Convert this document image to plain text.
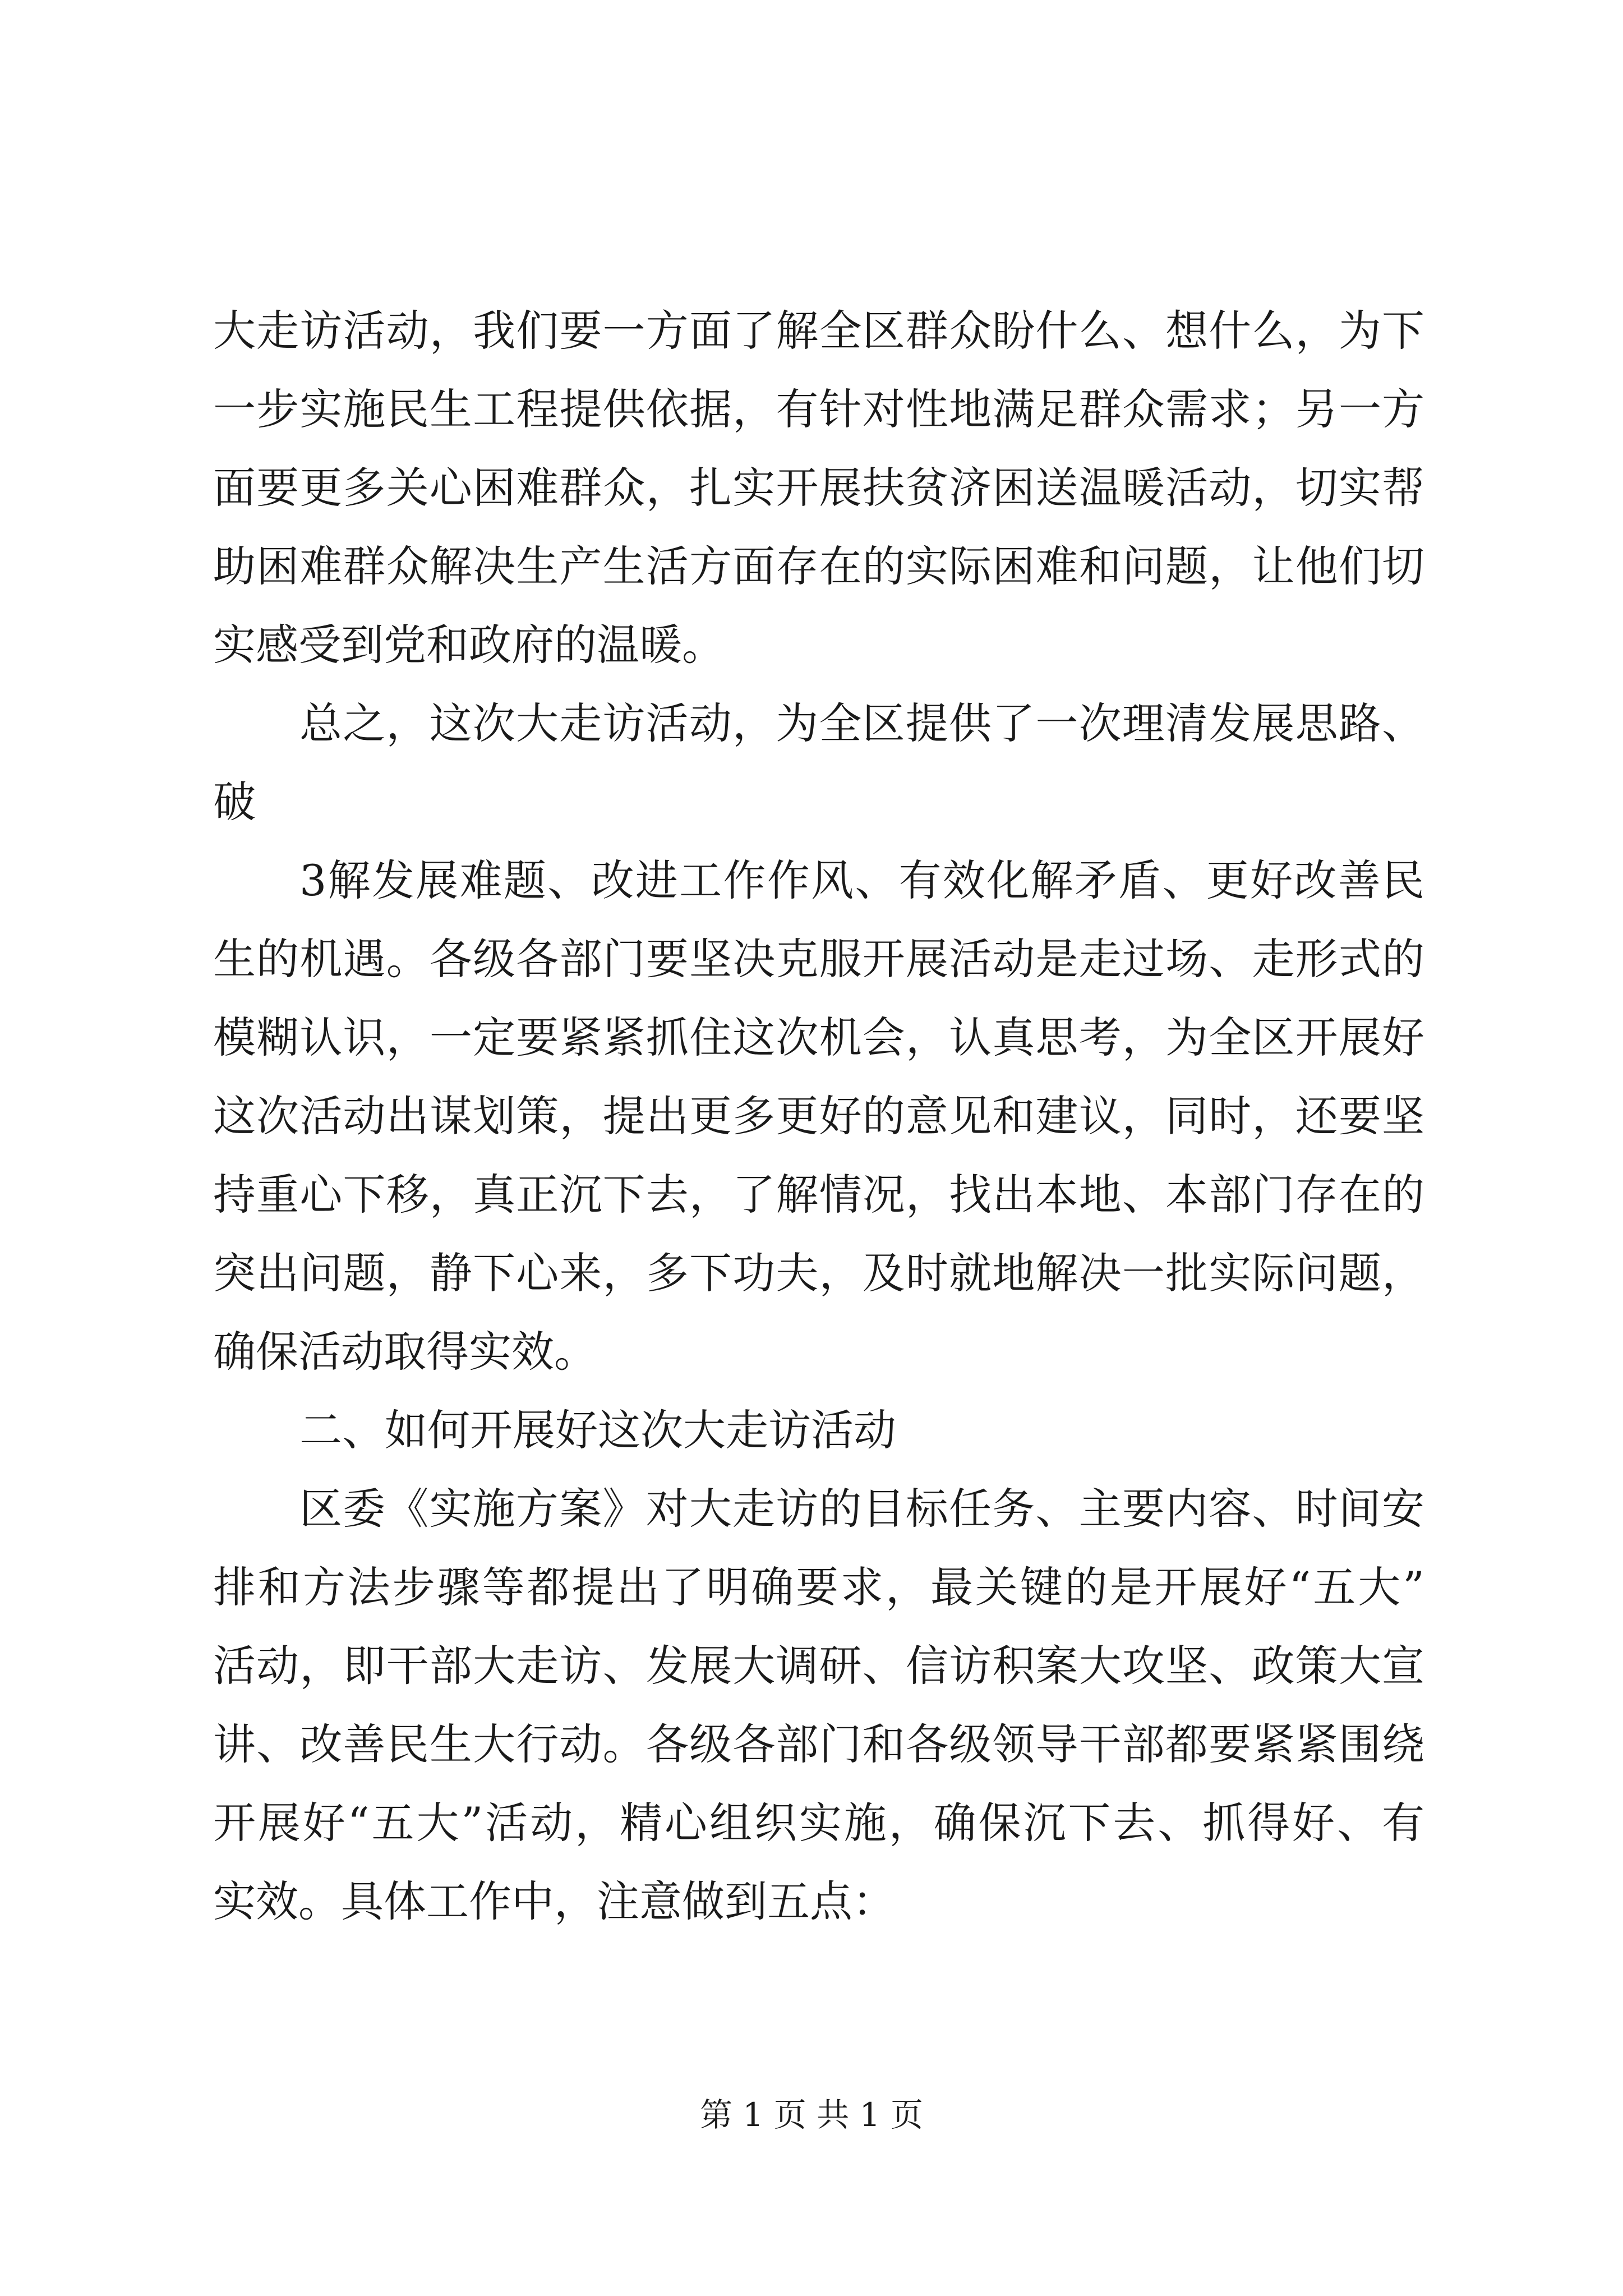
大走访活动，我们要一方面了解全区群众盼什么、想什么，为下
一步实施民生工程提供依据，有针对性地满足群众需求；另一方
面要更多关心困难群众，扎实开展扶贫济困送温暖活动，切实帮
助困难群众解决生产生活方面存在的实际困难和问题，让他们切
实感受到党和政府的温暖。
总之，这次大走访活动，为全区提供了一次理清发展思路、
破
3解发展难题、改进工作作风、有效化解矛盾、更好改善民
生的机遇。各级各部门要坚决克服开展活动是走过场、走形式的
模糊认识，一定要紧紧抓住这次机会，认真思考，为全区开展好
这次活动出谋划策，提出更多更好的意见和建议，同时，还要坚
持重心下移，真正沉下去，了解情况，找出本地、本部门存在的
突出问题，静下心来，多下功夫，及时就地解决一批实际问题，
确保活动取得实效。
二、如何开展好这次大走访活动
区委《实施方案》对大走访的目标任务、主要内容、时间安
排和方法步骤等都提出了明确要求，最关键的是开展好“五大”
活动，即干部大走访、发展大调研、信访积案大攻坚、政策大宣
讲、改善民生大行动。各级各部门和各级领导干部都要紧紧围绕
开展好“五大”活动，精心组织实施，确保沉下去、抓得好、有
实效。具体工作中，注意做到五点：
第 1 页 共 1 页
